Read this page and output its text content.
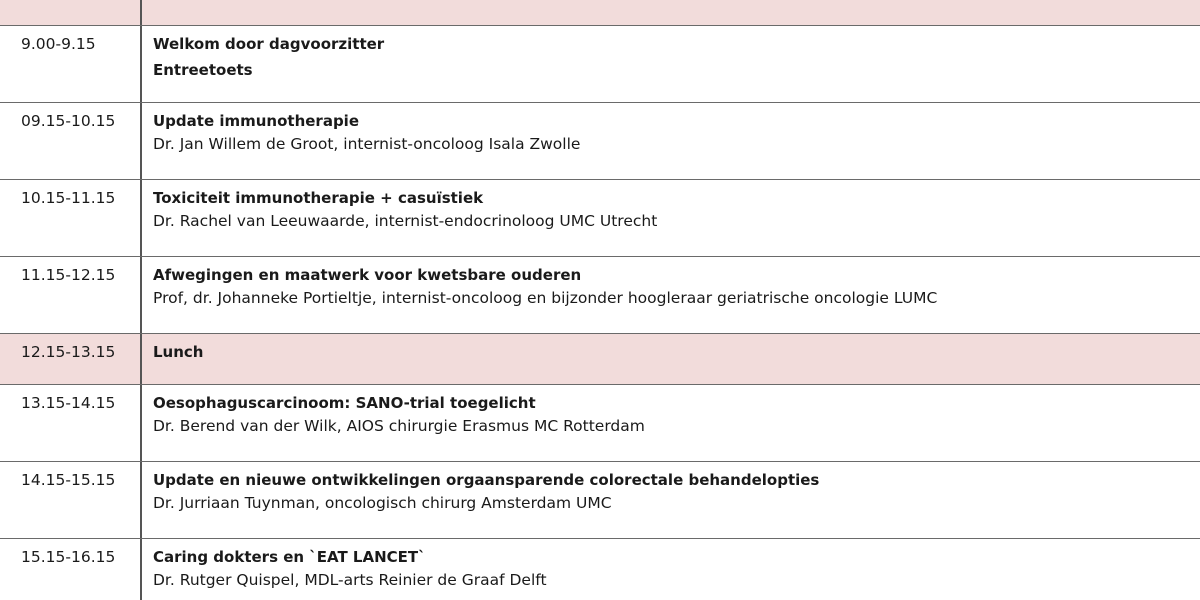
9.00-9.15	Welkom door dagvoorzitter
Entreetoets
09.15-10.15	Update immunotherapie
Dr. Jan Willem de Groot, internist-oncoloog Isala Zwolle
10.15-11.15	Toxiciteit immunotherapie + casuïstiek
Dr. Rachel van Leeuwaarde, internist-endocrinoloog UMC Utrecht
11.15-12.15	Afwegingen en maatwerk voor kwetsbare ouderen
Prof, dr. Johanneke Portieltje, internist-oncoloog en bijzonder hoogleraar geriatrische oncologie LUMC
12.15-13.15	Lunch
13.15-14.15	Oesophaguscarcinoom: SANO-trial toegelicht
Dr. Berend van der Wilk, AIOS chirurgie Erasmus MC Rotterdam
14.15-15.15	Update en nieuwe ontwikkelingen orgaansparende colorectale behandelopties
Dr. Jurriaan Tuynman, oncologisch chirurg Amsterdam UMC
15.15-16.15	Caring dokters en `EAT LANCET`
Dr. Rutger Quispel, MDL-arts Reinier de Graaf Delft
